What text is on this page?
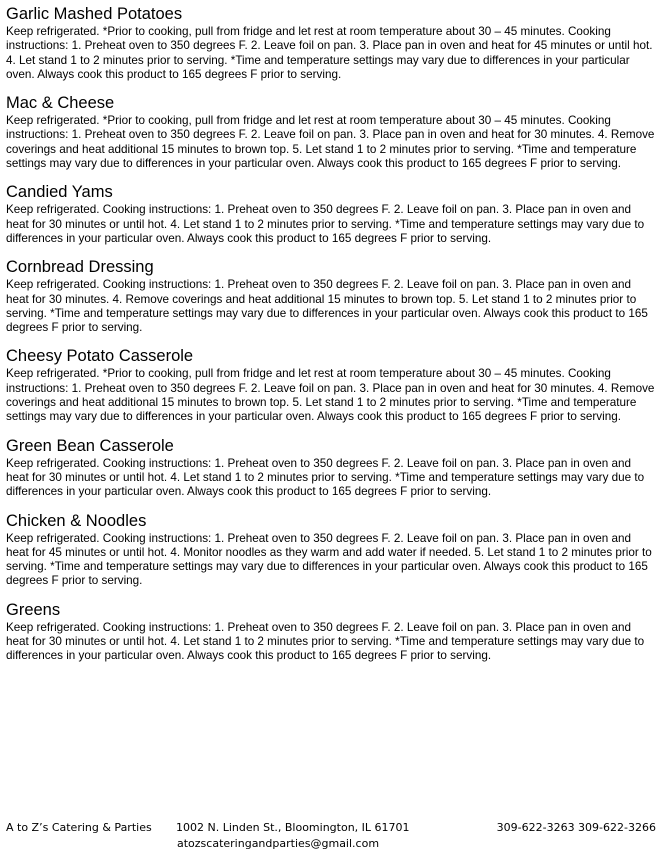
Garlic Mashed Potatoes

Keep refrigerated. *Prior to cooking, pull from fridge and let rest at room temperature about 30 – 45 minutes. Cooking instructions: 1. Preheat oven to 350 degrees F. 2. Leave foil on pan. 3. Place pan in oven and heat for 45 minutes or until hot. 4. Let stand 1 to 2 minutes prior to serving. *Time and temperature settings may vary due to differences in your particular oven. Always cook this product to 165 degrees F prior to serving.

Mac & Cheese

Keep refrigerated. *Prior to cooking, pull from fridge and let rest at room temperature about 30 – 45 minutes. Cooking instructions: 1. Preheat oven to 350 degrees F. 2. Leave foil on pan. 3. Place pan in oven and heat for 30 minutes. 4. Remove coverings and heat additional 15 minutes to brown top. 5. Let stand 1 to 2 minutes prior to serving. *Time and temperature settings may vary due to differences in your particular oven. Always cook this product to 165 degrees F prior to serving.

Candied Yams

Keep refrigerated. Cooking instructions: 1. Preheat oven to 350 degrees F. 2. Leave foil on pan. 3. Place pan in oven and heat for 30 minutes or until hot. 4. Let stand 1 to 2 minutes prior to serving. *Time and temperature settings may vary due to differences in your particular oven. Always cook this product to 165 degrees F prior to serving.

Cornbread Dressing

Keep refrigerated. Cooking instructions: 1. Preheat oven to 350 degrees F. 2. Leave foil on pan. 3. Place pan in oven and heat for 30 minutes. 4. Remove coverings and heat additional 15 minutes to brown top. 5. Let stand 1 to 2 minutes prior to serving. *Time and temperature settings may vary due to differences in your particular oven. Always cook this product to 165 degrees F prior to serving.

Cheesy Potato Casserole

Keep refrigerated. *Prior to cooking, pull from fridge and let rest at room temperature about 30 – 45 minutes. Cooking instructions: 1. Preheat oven to 350 degrees F. 2. Leave foil on pan. 3. Place pan in oven and heat for 30 minutes. 4. Remove coverings and heat additional 15 minutes to brown top. 5. Let stand 1 to 2 minutes prior to serving. *Time and temperature settings may vary due to differences in your particular oven. Always cook this product to 165 degrees F prior to serving.

Green Bean Casserole

Keep refrigerated. Cooking instructions: 1. Preheat oven to 350 degrees F. 2. Leave foil on pan. 3. Place pan in oven and heat for 30 minutes or until hot. 4. Let stand 1 to 2 minutes prior to serving. *Time and temperature settings may vary due to differences in your particular oven. Always cook this product to 165 degrees F prior to serving.

Chicken & Noodles

Keep refrigerated. Cooking instructions: 1. Preheat oven to 350 degrees F. 2. Leave foil on pan. 3. Place pan in oven and heat for 45 minutes or until hot. 4. Monitor noodles as they warm and add water if needed. 5. Let stand 1 to 2 minutes prior to serving. *Time and temperature settings may vary due to differences in your particular oven. Always cook this product to 165 degrees F prior to serving.

Greens

Keep refrigerated. Cooking instructions: 1. Preheat oven to 350 degrees F. 2. Leave foil on pan. 3. Place pan in oven and heat for 30 minutes or until hot. 4. Let stand 1 to 2 minutes prior to serving. *Time and temperature settings may vary due to differences in your particular oven. Always cook this product to 165 degrees F prior to serving.

A to Z’s Catering & Parties 1002 N. Linden St., Bloomington, IL 61701	309-622-3263 309-622-3266
atozscateringandparties@gmail.com
